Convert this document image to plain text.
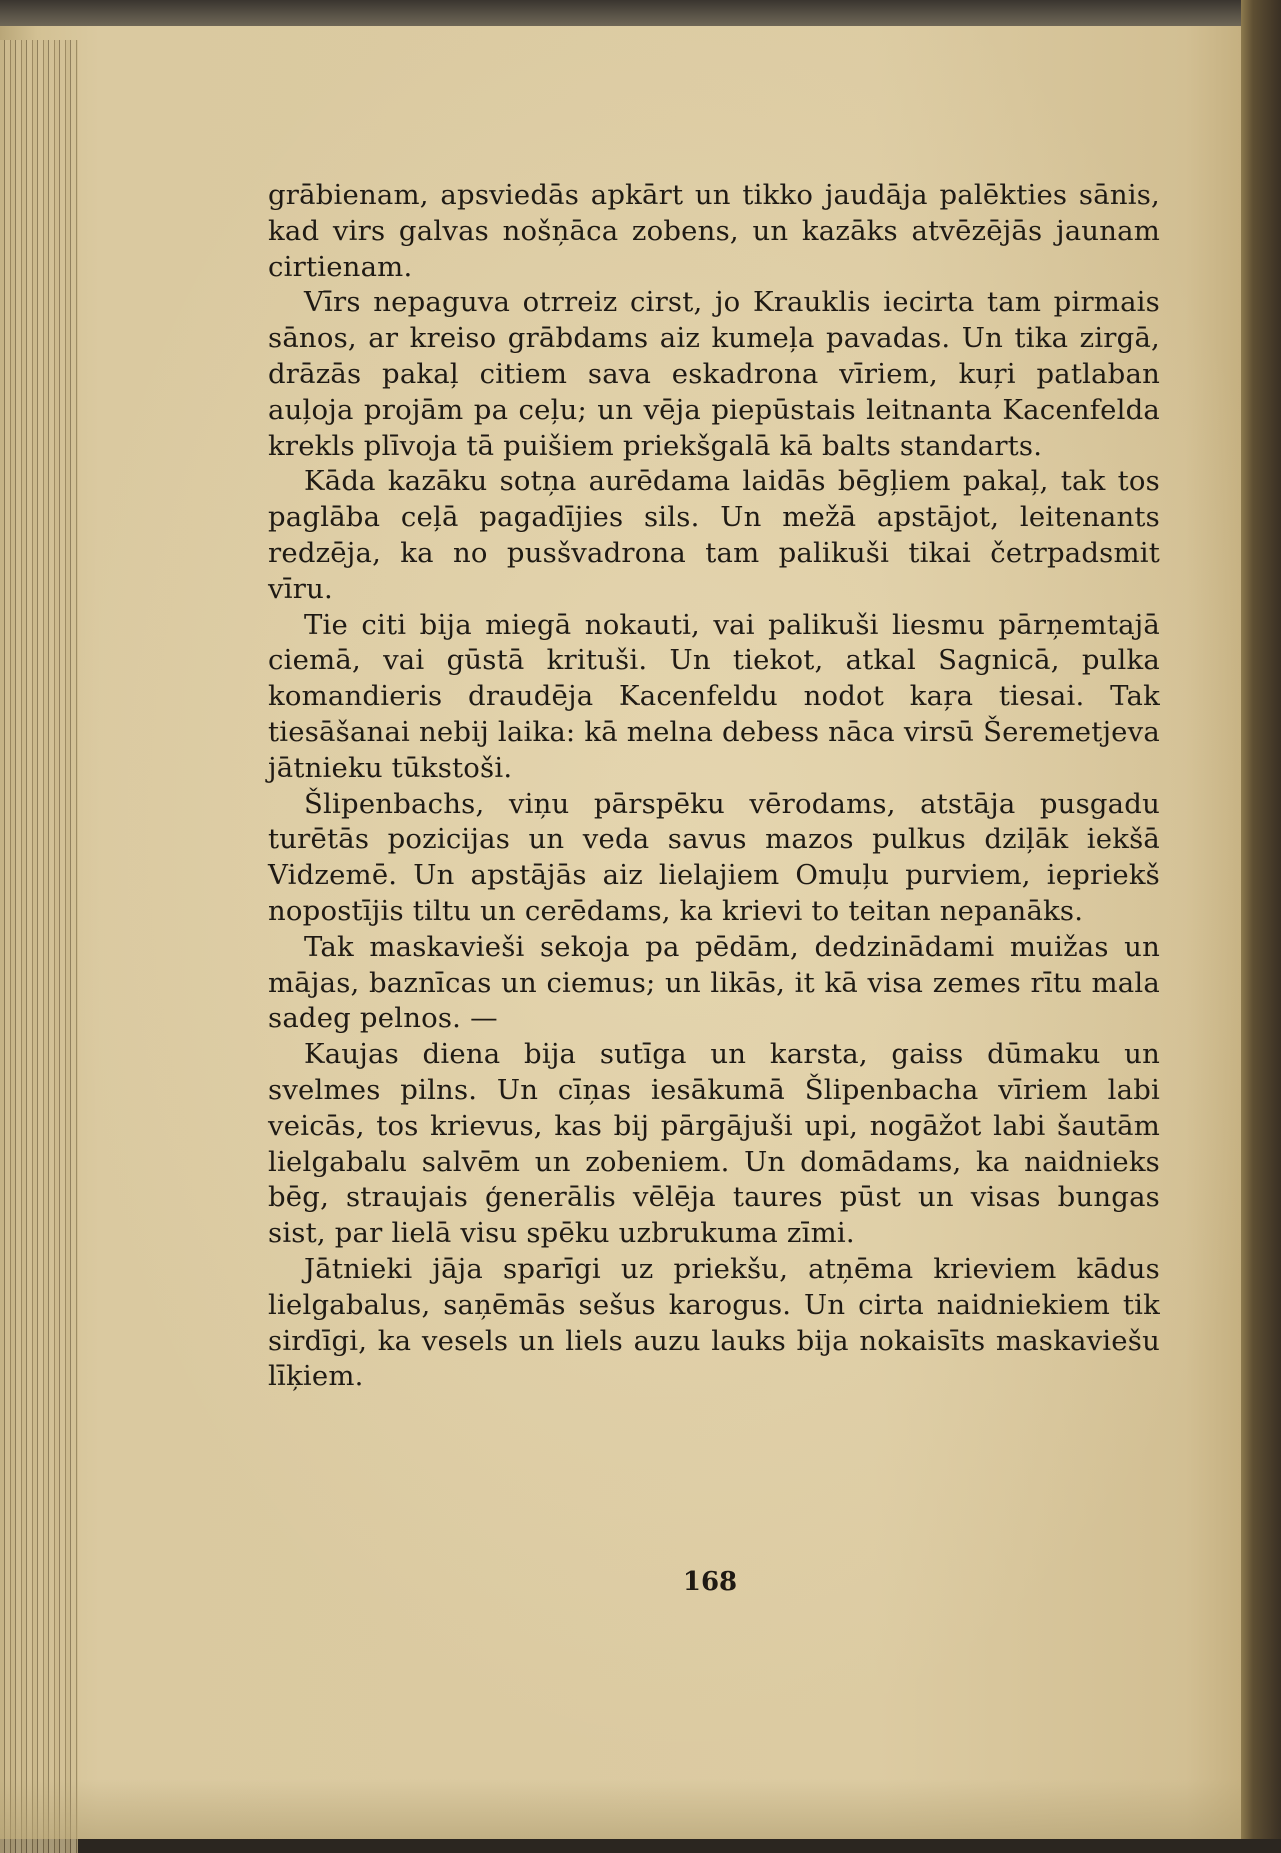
grābienam, apsviedās apkārt un tikko jaudāja palēkties sānis, kad virs galvas nošņāca zobens, un kazāks atvēzējās jaunam cirtienam.

Vīrs nepaguva otrreiz cirst, jo Krauklis iecirta tam pirmais sānos, ar kreiso grābdams aiz kumeļa pavadas. Un tika zirgā, drāzās pakaļ citiem sava eskadrona vīriem, kuŗi patlaban auļoja projām pa ceļu; un vēja piepūstais leitnanta Kacenfelda krekls plīvoja tā puišiem priekšgalā kā balts standarts.

Kāda kazāku sotņa aurēdama laidās bēgļiem pakaļ, tak tos paglāba ceļā pagadījies sils. Un mežā apstājot, leitenants redzēja, ka no pusšvadrona tam palikuši tikai četrpadsmit vīru.

Tie citi bija miegā nokauti, vai palikuši liesmu pārņemtajā ciemā, vai gūstā krituši. Un tiekot, atkal Sagnicā, pulka komandieris draudēja Kacenfeldu nodot kaŗa tiesai. Tak tiesāšanai nebij laika: kā melna debess nāca virsū Šeremetjeva jātnieku tūkstoši.

Šlipenbachs, viņu pārspēku vērodams, atstāja pusgadu turētās pozicijas un veda savus mazos pulkus dziļāk iekšā Vidzemē. Un apstājās aiz lielajiem Omuļu purviem, iepriekš nopostījis tiltu un cerēdams, ka krievi to teitan nepanāks.

Tak maskavieši sekoja pa pēdām, dedzinādami muižas un mājas, baznīcas un ciemus; un likās, it kā visa zemes rītu mala sadeg pelnos. —

Kaujas diena bija sutīga un karsta, gaiss dūmaku un svelmes pilns. Un cīņas iesākumā Šlipenbacha vīriem labi veicās, tos krievus, kas bij pārgājuši upi, nogāžot labi šautām lielgabalu salvēm un zobeniem. Un domādams, ka naidnieks bēg, straujais ģenerālis vēlēja taures pūst un visas bungas sist, par lielā visu spēku uzbrukuma zīmi.

Jātnieki jāja sparīgi uz priekšu, atņēma krieviem kādus lielgabalus, saņēmās sešus karogus. Un cirta naidniekiem tik sirdīgi, ka vesels un liels auzu lauks bija nokaisīts maskaviešu līķiem.

168
